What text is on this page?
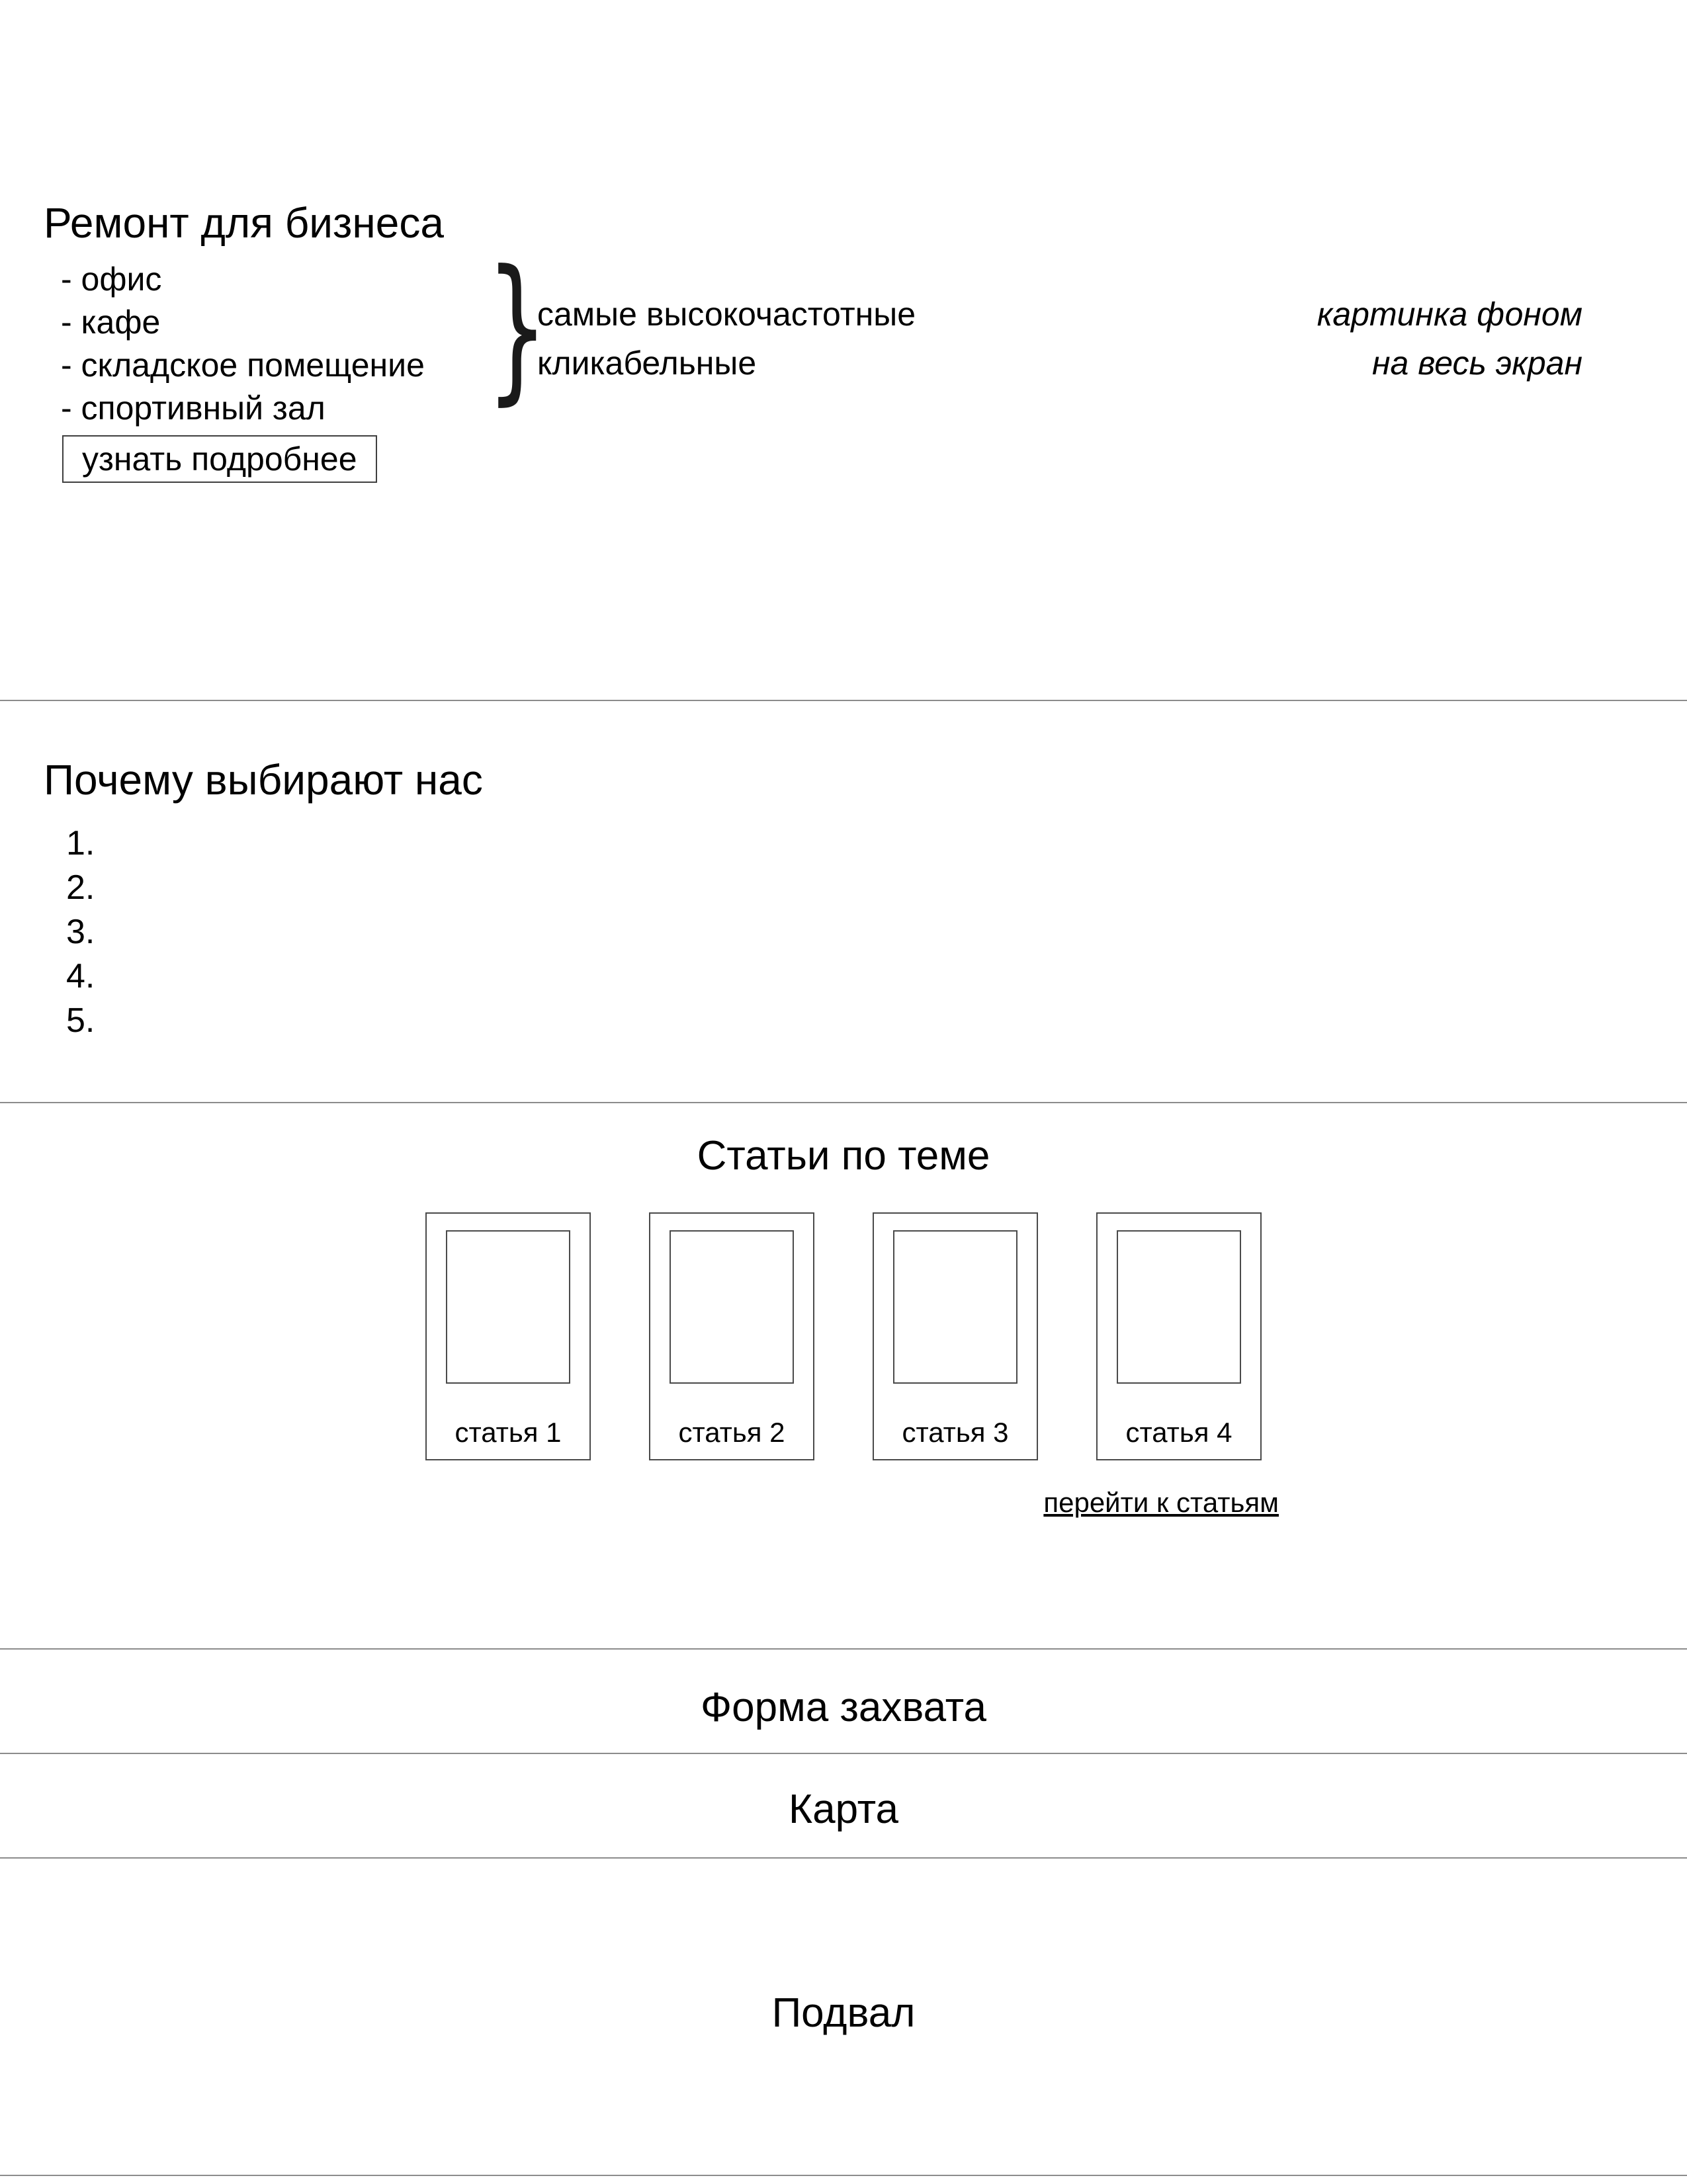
Ремонт для бизнеса
- офис
- кафе
- складское помещение
- спортивный зал	}
самые высокочастотные
кликабельные
картинка фоном
на весь экран
узнать подробнее
Почему выбирают нас
1.
2.
3.
4.
5.
Статьи по теме
статья 1	статья 2	статья 3	статья 4
перейти к статьям
Форма захвата
Карта
Подвал
